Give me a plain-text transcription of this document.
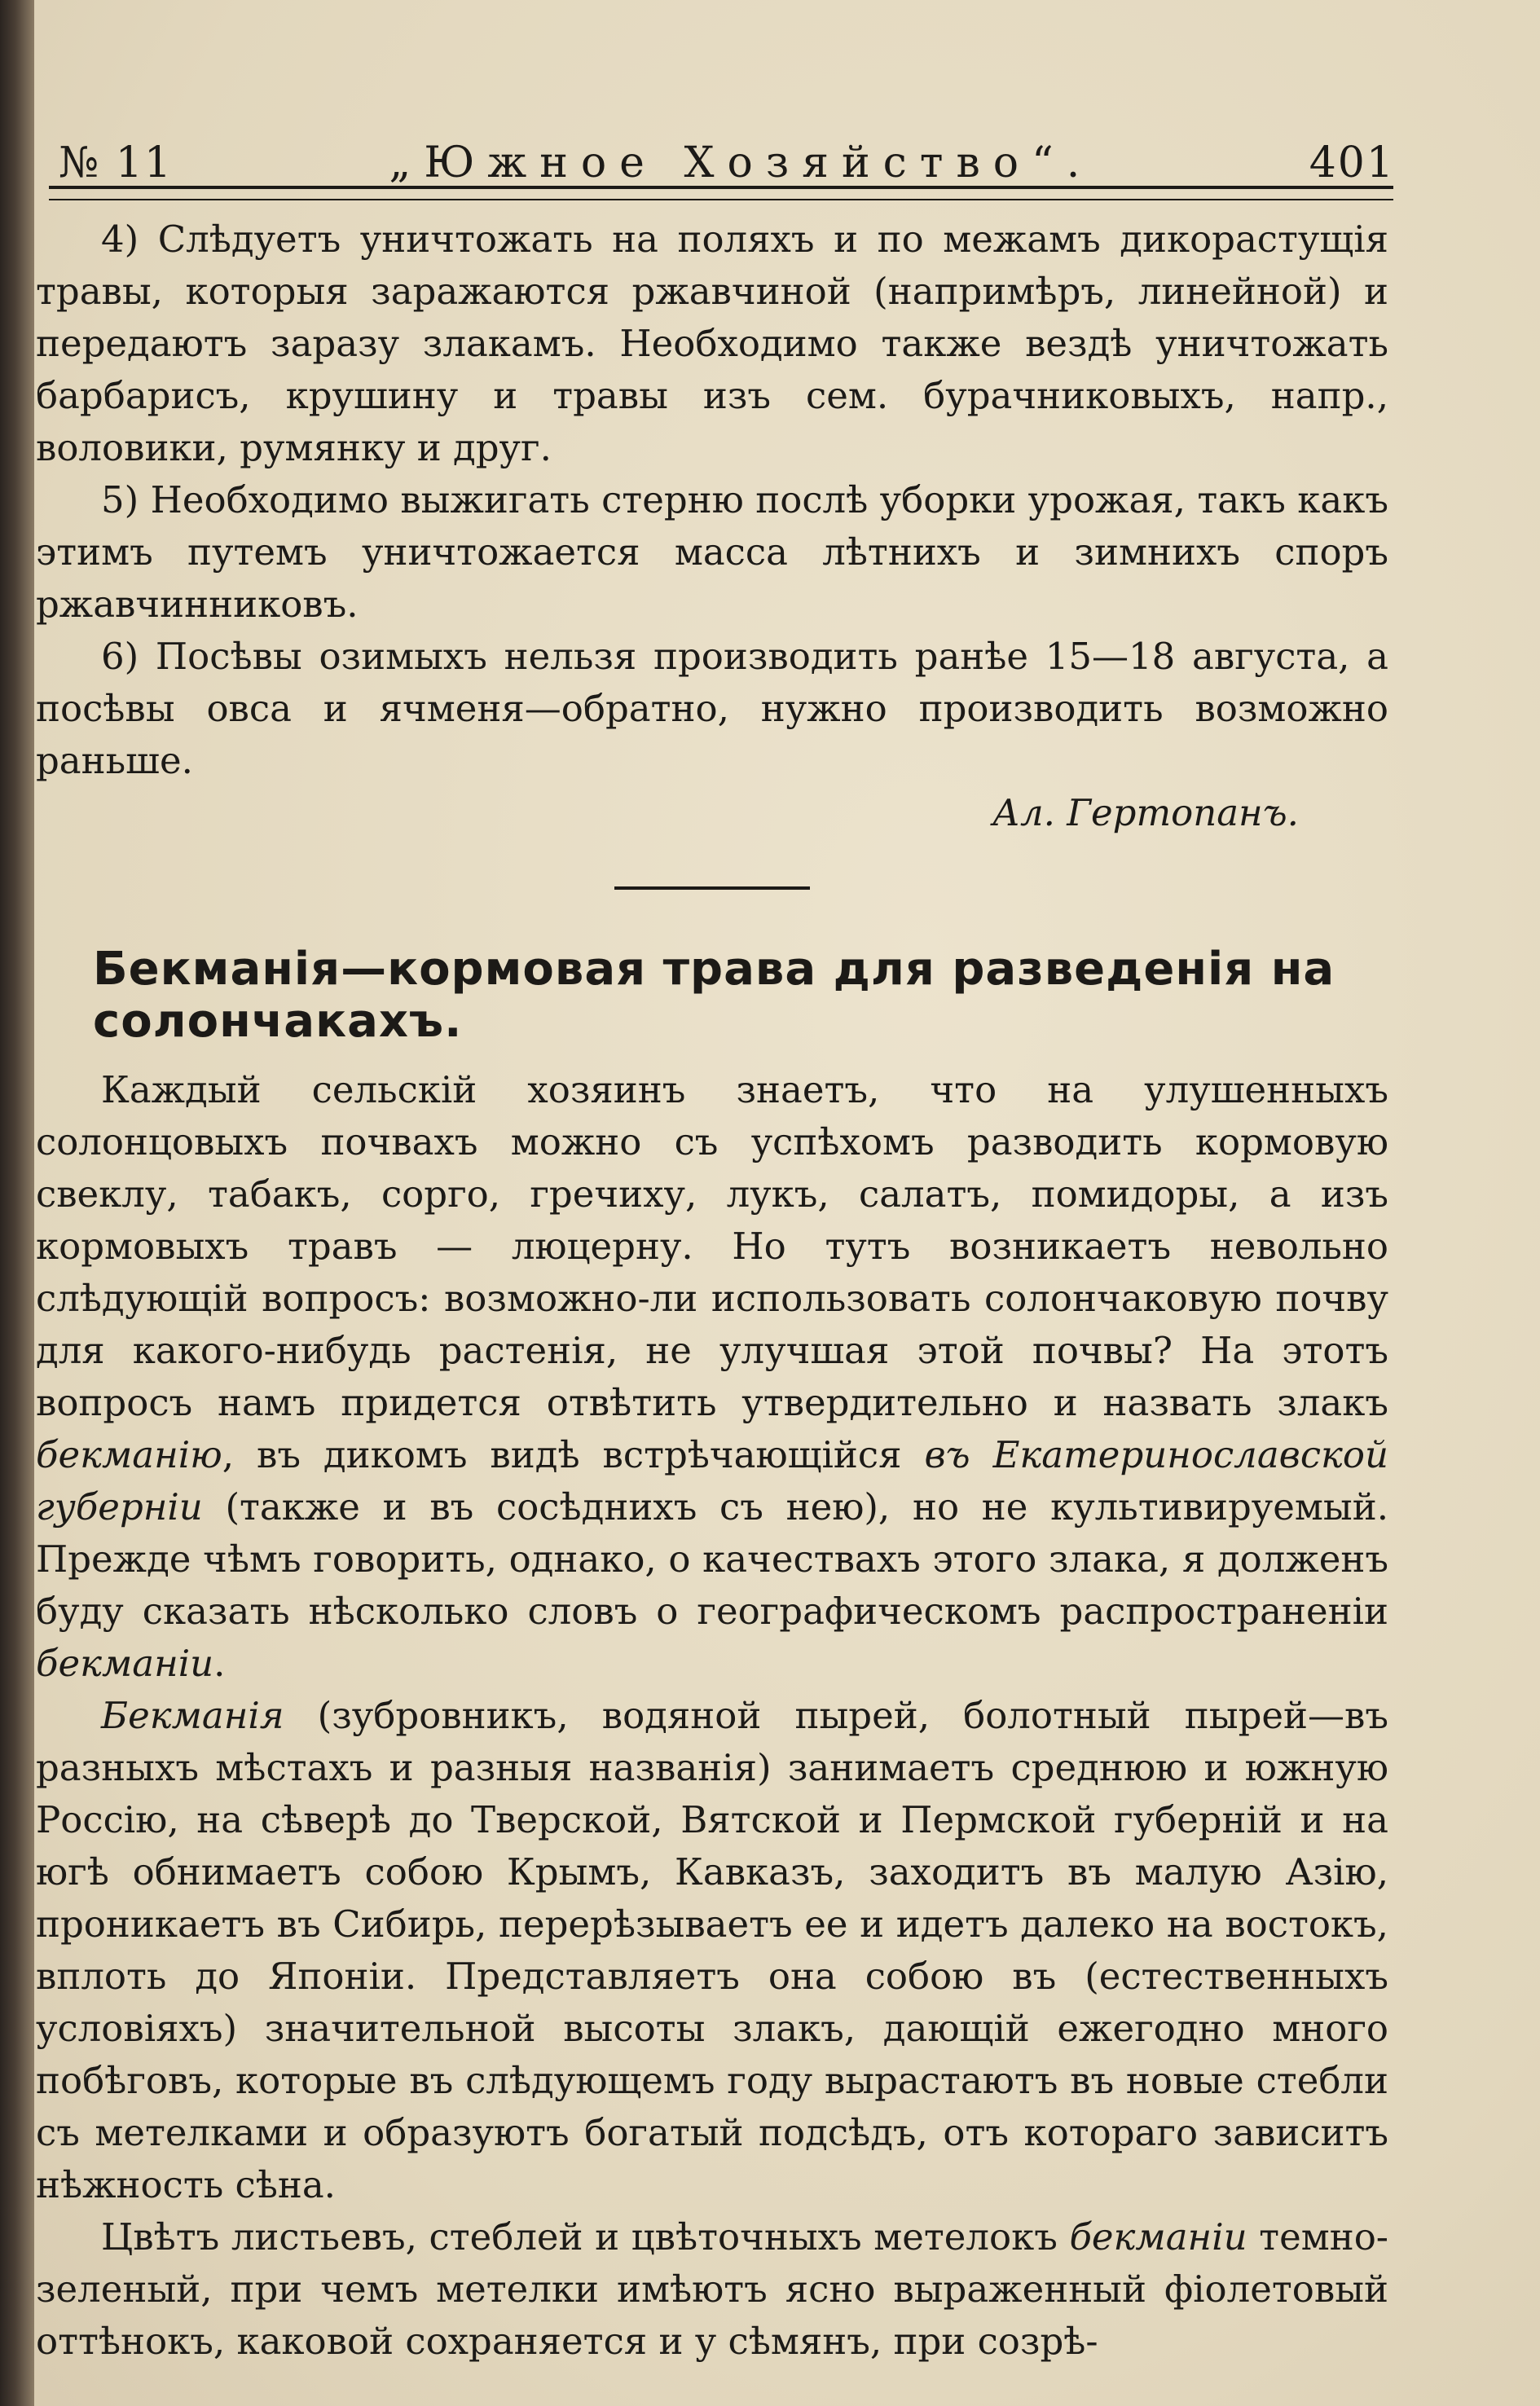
№ 11	„Южное Хозяйство“.	401

4) Слѣдуетъ уничтожать на поляхъ и по межамъ дикорастущія травы, которыя заражаются ржавчиной (напримѣръ, линейной) и передаютъ заразу злакамъ. Необходимо также вездѣ уничтожать барбарисъ, крушину и травы изъ сем. бурачниковыхъ, напр., воловики, румянку и друг.

5) Необходимо выжигать стерню послѣ уборки урожая, такъ какъ этимъ путемъ уничтожается масса лѣтнихъ и зимнихъ споръ ржавчинниковъ.

6) Посѣвы озимыхъ нельзя производить ранѣе 15—18 августа, а посѣвы овса и ячменя—обратно, нужно производить возможно раньше.

Ал. Гертопанъ.

Бекманія—кормовая трава для разведенія на солончакахъ.

Каждый сельскій хозяинъ знаетъ, что на улушенныхъ солонцовыхъ почвахъ можно съ успѣхомъ разводить кормовую свеклу, табакъ, сорго, гречиху, лукъ, салатъ, помидоры, а изъ кормовыхъ травъ — люцерну. Но тутъ возникаетъ невольно слѣдующій вопросъ: возможно-ли использовать солончаковую почву для какого-нибудь растенія, не улучшая этой почвы? На этотъ вопросъ намъ придется отвѣтить утвердительно и назвать злакъ бекманію, въ дикомъ видѣ встрѣчающійся въ Екатеринославской губерніи (также и въ сосѣднихъ съ нею), но не культивируемый. Прежде чѣмъ говорить, однако, о качествахъ этого злака, я долженъ буду сказать нѣсколько словъ о географическомъ распространеніи бекманіи.

Бекманія (зубровникъ, водяной пырей, болотный пырей—въ разныхъ мѣстахъ и разныя названія) занимаетъ среднюю и южную Россію, на сѣверѣ до Тверской, Вятской и Пермской губерній и на югѣ обнимаетъ собою Крымъ, Кавказъ, заходитъ въ малую Азію, проникаетъ въ Сибирь, перерѣзываетъ ее и идетъ далеко на востокъ, вплоть до Японіи. Представляетъ она собою въ (естественныхъ условіяхъ) значительной высоты злакъ, дающій ежегодно много побѣговъ, которые въ слѣдующемъ году вырастаютъ въ новые стебли съ метелками и образуютъ богатый подсѣдъ, отъ котораго зависитъ нѣжность сѣна.

Цвѣтъ листьевъ, стеблей и цвѣточныхъ метелокъ бекманіи темно-зеленый, при чемъ метелки имѣютъ ясно выраженный фіолетовый оттѣнокъ, каковой сохраняется и у сѣмянъ, при созрѣ-
